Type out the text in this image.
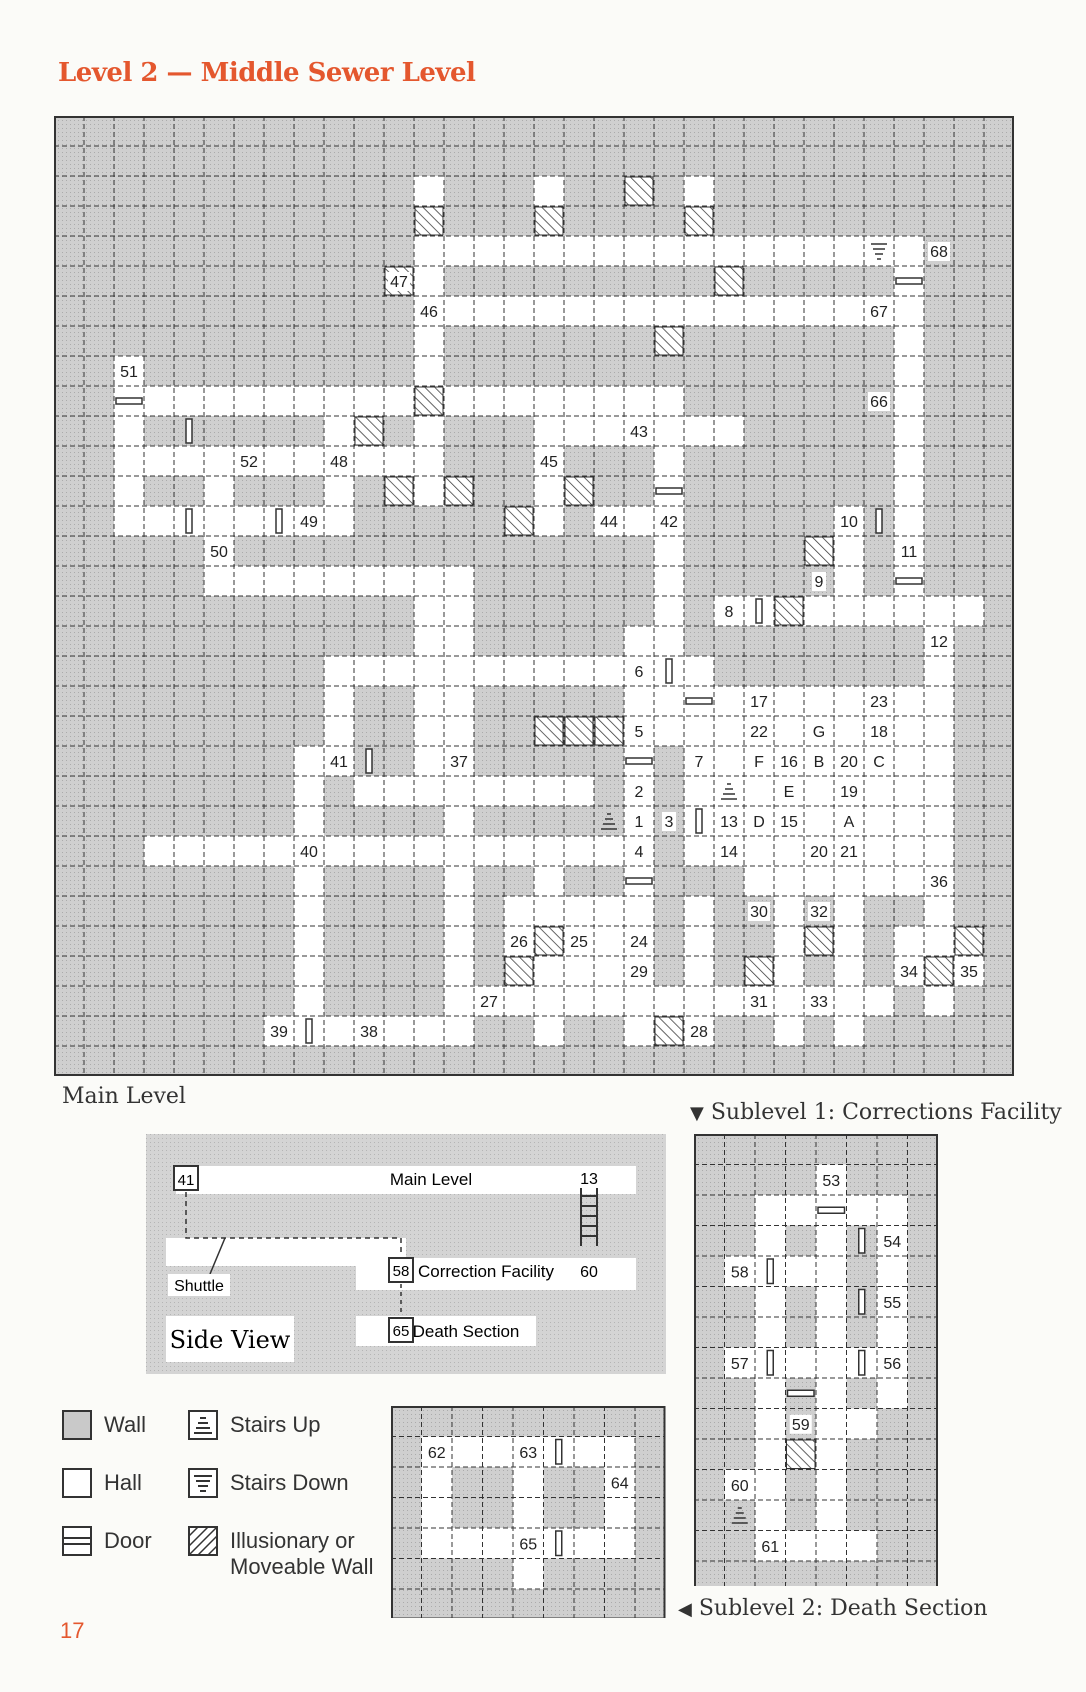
Level 2 — Middle Sewer Level
68
47
46	67
51
66
43
52	48	45
49	44	42	10
50	11
9
8
12
6
17	23
5	22	G	18
41	37	7	F 16 B 20 C
2	E	19
1 3	13 D 15	A
40	4	14	20 21
36
30	32
26	25	24
34	35
29
27	31	33
39	38	28
Main Level
▼ Sublevel 1: Corrections Facility
41	Main Level	13
Shuttle
58 Correction Facility 60
65 Death Section
Side View
53
54
58
55
57	56
59
60
61
62	63
64
65
◀ Sublevel 2: Death Section
Wall
Hall
Door
Stairs Up
Stairs Down
Illusionary or
Moveable Wall
17
